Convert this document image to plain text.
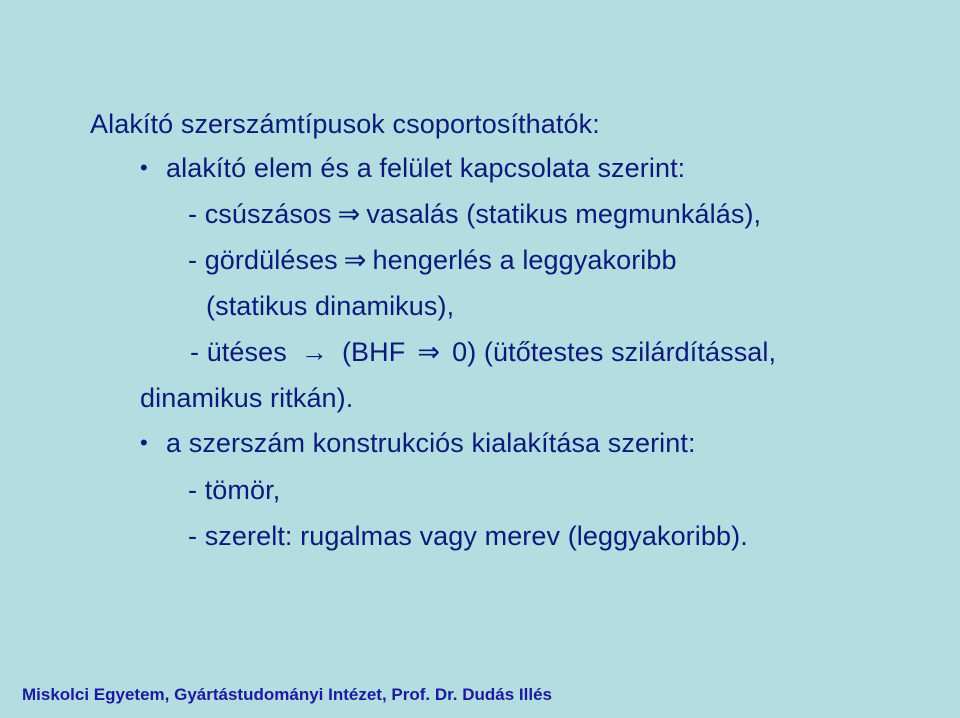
Alakító szerszámtípusok csoportosíthatók:
• alakító elem és a felület kapcsolata szerint:
- csúszásos ⇒ vasalás (statikus megmunkálás),
- gördüléses ⇒ hengerlés a leggyakoribb
(statikus dinamikus),
- ütéses → (BHF ⇒ 0) (ütőtestes szilárdítással,
dinamikus ritkán).
• a szerszám konstrukciós kialakítása szerint:
- tömör,
- szerelt: rugalmas vagy merev (leggyakoribb).
Miskolci Egyetem, Gyártástudományi Intézet, Prof. Dr. Dudás Illés
